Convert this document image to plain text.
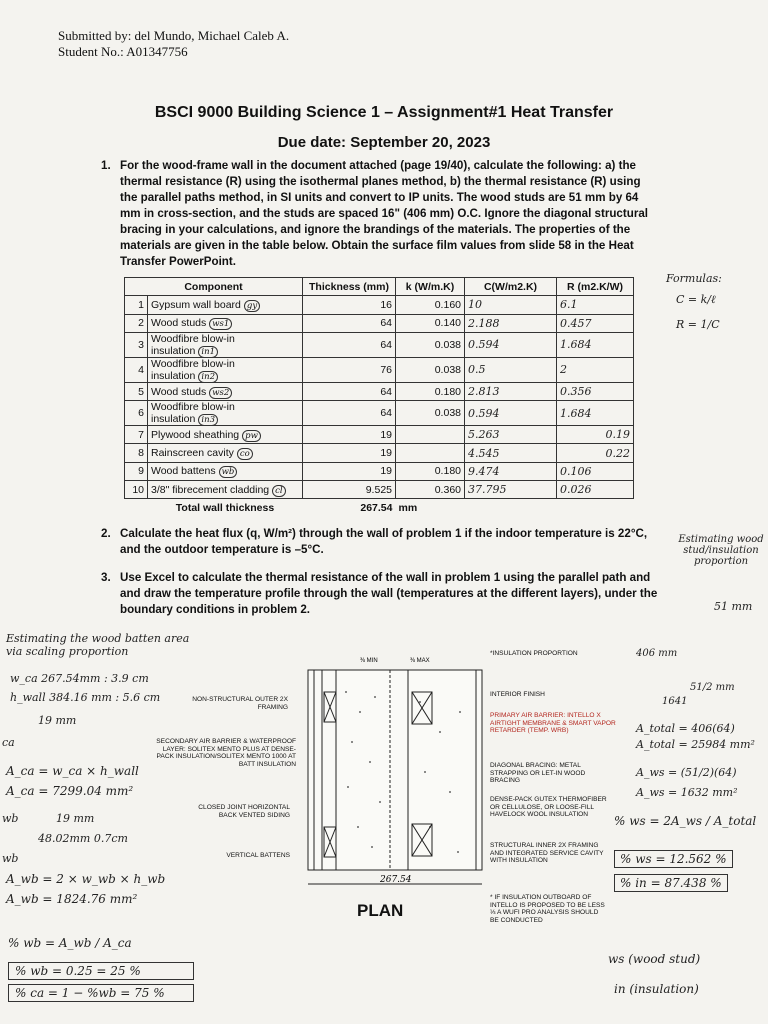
Submitted by: del Mundo, Michael Caleb A.
Student No.: A01347756
BSCI 9000 Building Science 1 – Assignment#1 Heat Transfer
Due date: September 20, 2023
1. For the wood-frame wall in the document attached (page 19/40), calculate the following: a) the thermal resistance (R) using the isothermal planes method, b) the thermal resistance (R) using the parallel paths method, in SI units and convert to IP units. The wood studs are 51 mm by 64 mm in cross-section, and the studs are spaced 16" (406 mm) O.C. Ignore the diagonal structural bracing in your calculations, and ignore the brandings of the materials. The properties of the materials are given in the table below. Obtain the surface film values from slide 58 in the Heat Transfer PowerPoint.
Component		Thickness (mm)	k (W/m.K)	C(W/m2.K)	R (m2.K/W)
1	Gypsum wall board gy	16	0.160	10	6.1
2	Wood studs ws1	64	0.140	2.188	0.457
3	Woodfibre blow-in insulation in1	64	0.038	0.594	1.684
4	Woodfibre blow-in insulation in2	76	0.038	0.5	2
5	Wood studs ws2	64	0.180	2.813	0.356
6	Woodfibre blow-in insulation in3	64	0.038	0.594	1.684
7	Plywood sheathing pw	19		5.263	0.19
8	Rainscreen cavity co	19		4.545	0.22
9	Wood battens wb	19	0.180	9.474	0.106
10	3/8" fibrecement cladding cl	9.525	0.360	37.795	0.026
	Total wall thickness	267.54	mm		
Formulas:
C = k/ℓ
R = 1/C
2. Calculate the heat flux (q, W/m²) through the wall of problem 1 if the indoor temperature is 22°C, and the outdoor temperature is –5°C.
3. Use Excel to calculate the thermal resistance of the wall in problem 1 using the parallel path and and draw the temperature profile through the wall (temperatures at the different layers), under the boundary conditions in problem 2.
Estimating wood stud/insulation proportion
Estimating the wood batten area via scaling proportion
w_ca 267.54mm : 3.9 cm
h_wall 384.16 mm : 5.6 cm
19 mm
ca
A_ca = w_ca × h_wall
A_ca = 7299.04 mm²
wb	19 mm
48.02mm 0.7cm
wb
A_wb = 2 × w_wb × h_wb
A_wb = 1824.76 mm²
% wb = A_wb / A_ca
% wb = 0.25 = 25 %
% ca = 1 − %wb = 75 %
51 mm
406 mm
51/2 mm
1641
A_total = 406(64)
A_total = 25984 mm²
A_ws = (51/2)(64)
A_ws = 1632 mm²
% ws = 2A_ws / A_total
% ws = 12.562 %
% in = 87.438 %
ws (wood stud)
in (insulation)
⅜ MIN	⅜ MAX
267.54
PLAN
NON-STRUCTURAL OUTER 2X FRAMING
SECONDARY AIR BARRIER & WATERPROOF LAYER: SOLITEX MENTO PLUS AT DENSE-PACK INSULATION/SOLITEX MENTO 1000 AT BATT INSULATION
CLOSED JOINT HORIZONTAL BACK VENTED SIDING
VERTICAL BATTENS
*INSULATION PROPORTION
INTERIOR FINISH
PRIMARY AIR BARRIER: INTELLO X AIRTIGHT MEMBRANE & SMART VAPOR RETARDER (TEMP. WRB)
DIAGONAL BRACING: METAL STRAPPING OR LET-IN WOOD BRACING
DENSE-PACK GUTEX THERMOFIBER OR CELLULOSE, OR LOOSE-FILL HAVELOCK WOOL INSULATION
STRUCTURAL INNER 2X FRAMING AND INTEGRATED SERVICE CAVITY WITH INSULATION
* IF INSULATION OUTBOARD OF INTELLO IS PROPOSED TO BE LESS ⅓ A WUFI PRO ANALYSIS SHOULD BE CONDUCTED
